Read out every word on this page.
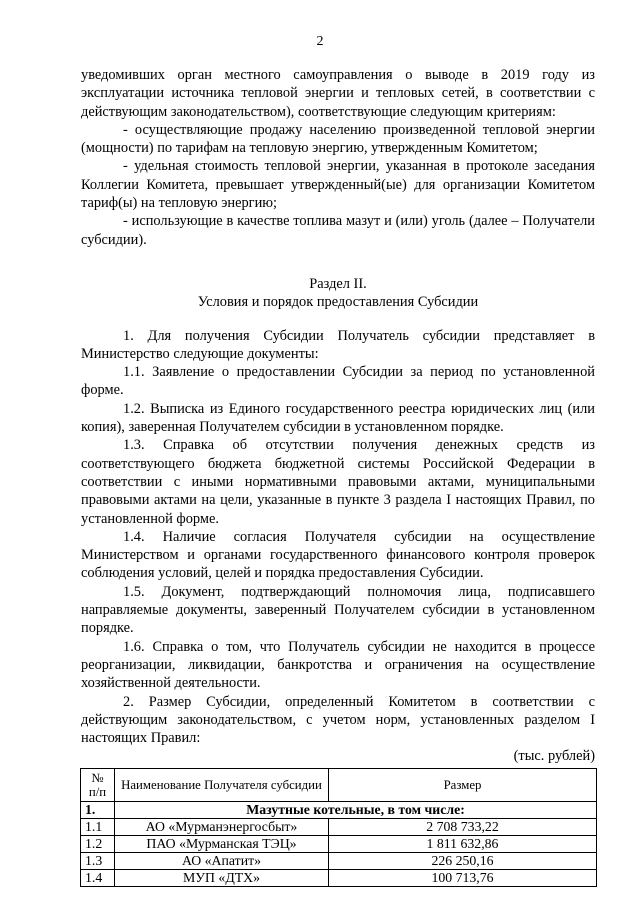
2

уведомивших орган местного самоуправления о выводе в 2019 году из эксплуатации источника тепловой энергии и тепловых сетей, в соответствии с действующим законодательством), соответствующие следующим критериям:

- осуществляющие продажу населению произведенной тепловой энергии (мощности) по тарифам на тепловую энергию, утвержденным Комитетом;

- удельная стоимость тепловой энергии, указанная в протоколе заседания Коллегии Комитета, превышает утвержденный(ые) для организации Комитетом тариф(ы) на тепловую энергию;

- использующие в качестве топлива мазут и (или) уголь (далее – Получатели субсидии).

Раздел II.

Условия и порядок предоставления Субсидии

1. Для получения Субсидии Получатель субсидии представляет в Министерство следующие документы:

1.1. Заявление о предоставлении Субсидии за период по установленной форме.

1.2. Выписка из Единого государственного реестра юридических лиц (или копия), заверенная Получателем субсидии в установленном порядке.

1.3. Справка об отсутствии получения денежных средств из соответствующего бюджета бюджетной системы Российской Федерации в соответствии с иными нормативными правовыми актами, муниципальными правовыми актами на цели, указанные в пункте 3 раздела I настоящих Правил, по установленной форме.

1.4. Наличие согласия Получателя субсидии на осуществление Министерством и органами государственного финансового контроля проверок соблюдения условий, целей и порядка предоставления Субсидии.

1.5. Документ, подтверждающий полномочия лица, подписавшего направляемые документы, заверенный Получателем субсидии в установленном порядке.

1.6. Справка о том, что Получатель субсидии не находится в процессе реорганизации, ликвидации, банкротства и ограничения на осуществление хозяйственной деятельности.

2. Размер Субсидии, определенный Комитетом в соответствии с действующим законодательством, с учетом норм, установленных разделом I настоящих Правил:

(тыс. рублей)

№
п/п	Наименование Получателя субсидии	Размер
1.	Мазутные котельные, в том числе:	
1.1	АО «Мурманэнергосбыт»	2 708 733,22
1.2	ПАО «Мурманская ТЭЦ»	1 811 632,86
1.3	АО «Апатит»	226 250,16
1.4	МУП «ДТХ»	100 713,76
